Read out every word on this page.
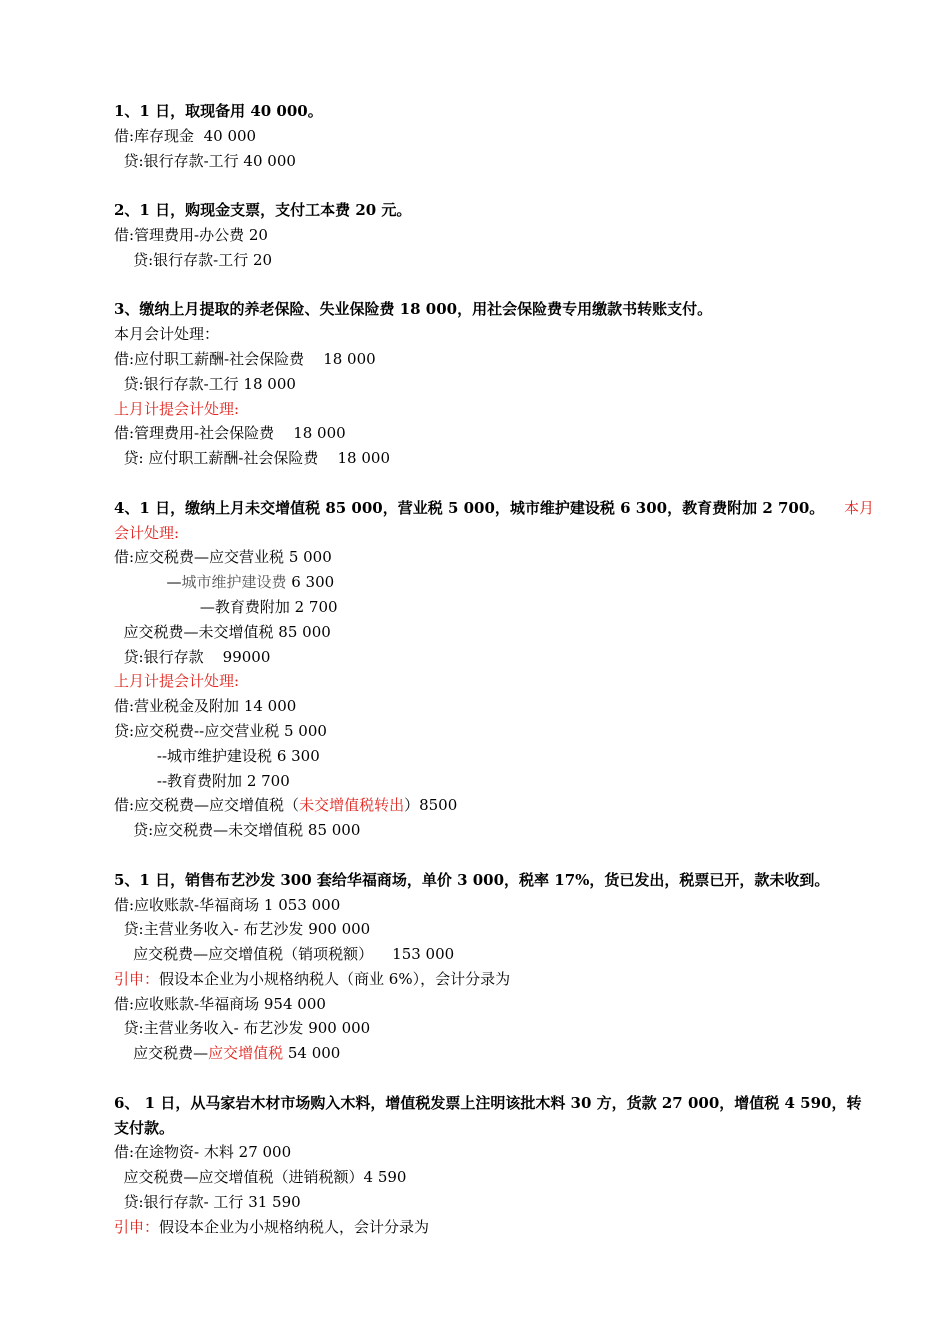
1、1 日，取现备用 40 000。
借:库存现金  40 000
贷:银行存款-工行 40 000
2、1 日，购现金支票，支付工本费 20 元。
借:管理费用-办公费 20
贷:银行存款-工行 20
3、缴纳上月提取的养老保险、失业保险费 18 000，用社会保险费专用缴款书转账支付。
本月会计处理：
借:应付职工薪酬-社会保险费    18 000
贷:银行存款-工行 18 000
上月计提会计处理:
借:管理费用-社会保险费    18 000
贷: 应付职工薪酬-社会保险费    18 000
4、1 日，缴纳上月未交增值税 85 000，营业税 5 000，城市维护建设税 6 300，教育费附加 2 700。 本月
会计处理:
借:应交税费—应交营业税 5 000
—城市维护建设费 6 300
—教育费附加 2 700
应交税费—未交增值税 85 000
贷:银行存款    99000
上月计提会计处理:
借:营业税金及附加 14 000
贷:应交税费--应交营业税 5 000
--城市维护建设税 6 300
--教育费附加 2 700
借:应交税费—应交增值税（未交增值税转出）8500
贷:应交税费—未交增值税 85 000
5、1 日，销售布艺沙发 300 套给华福商场，单价 3 000，税率 17%，货已发出，税票已开，款未收到。
借:应收账款-华福商场 1 053 000
贷:主营业务收入- 布艺沙发 900 000
应交税费—应交增值税（销项税额）    153 000
引申：假设本企业为小规格纳税人（商业 6%），会计分录为
借:应收账款-华福商场 954 000
贷:主营业务收入- 布艺沙发 900 000
应交税费—应交增值税 54 000
6、 1 日，从马家岩木材市场购入木料，增值税发票上注明该批木料 30 方，货款 27 000，增值税 4 590，转
支付款。
借:在途物资- 木料 27 000
应交税费—应交增值税（进销税额）4 590
贷:银行存款- 工行 31 590
引申：假设本企业为小规格纳税人，会计分录为
